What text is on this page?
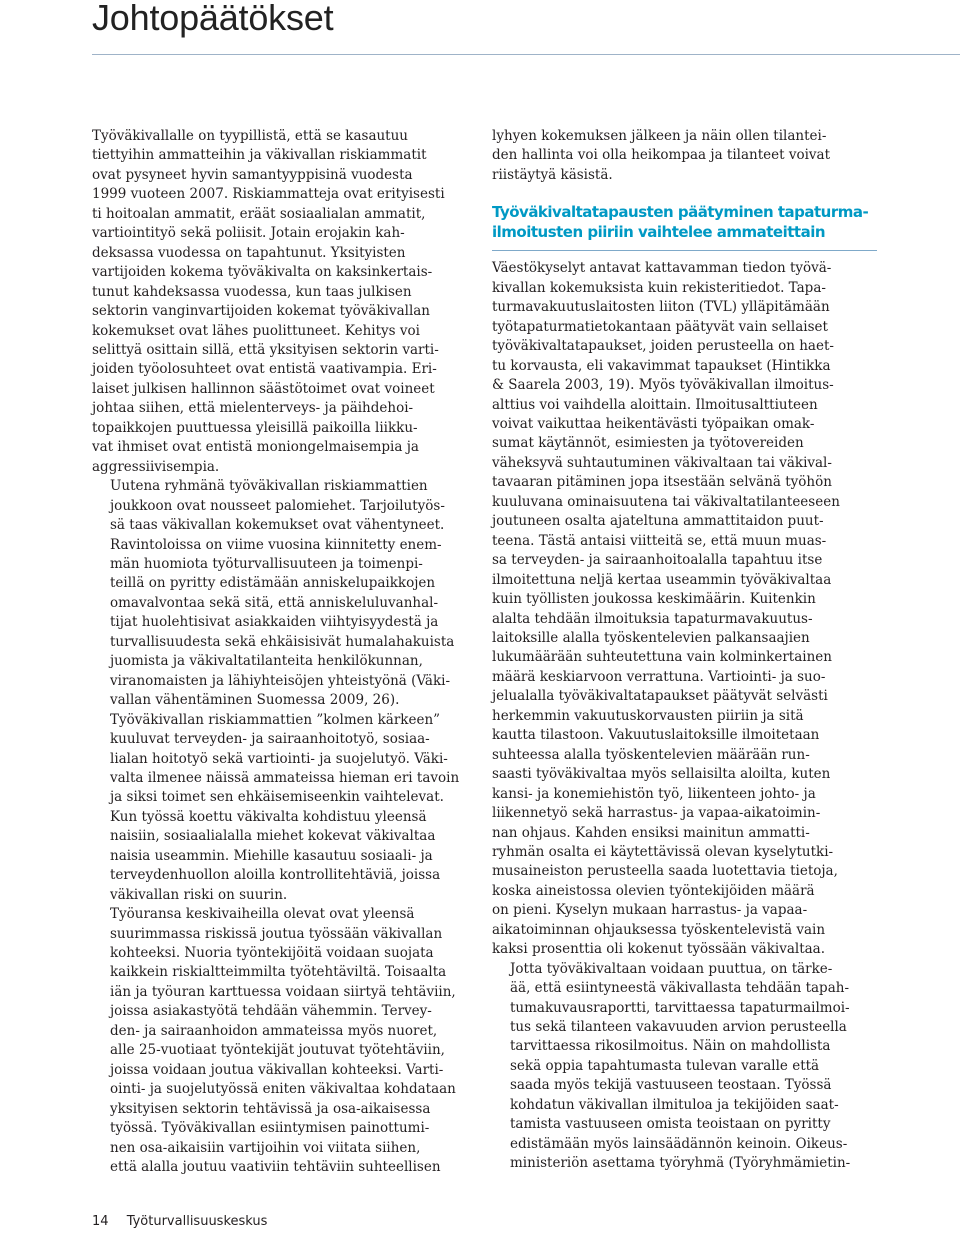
Johtopäätökset

Työväkivallalle on tyypillistä, että se kasautuu
tiettyihin ammatteihin ja väkivallan riskiammatit
ovat pysyneet hyvin samantyyppisinä vuodesta
1999 vuoteen 2007. Riskiammatteja ovat erityisesti
ti hoitoalan ammatit, eräät sosiaalialan ammatit,
vartiointityö sekä poliisit. Jotain erojakin kah-
deksassa vuodessa on tapahtunut. Yksityisten
vartijoiden kokema työväkivalta on kaksinkertais-
tunut kahdeksassa vuodessa, kun taas julkisen
sektorin vanginvartijoiden kokemat työväkivallan
kokemukset ovat lähes puolittuneet. Kehitys voi
selittyä osittain sillä, että yksityisen sektorin varti-
joiden työolosuhteet ovat entistä vaativampia. Eri-
laiset julkisen hallinnon säästötoimet ovat voineet
johtaa siihen, että mielenterveys- ja päihdehoi-
topaikkojen puuttuessa yleisillä paikoilla liikku-
vat ihmiset ovat entistä moniongelmaisempia ja
aggressiivisempia.

Uutena ryhmänä työväkivallan riskiammattien
joukkoon ovat nousseet palomiehet. Tarjoilutyös-
sä taas väkivallan kokemukset ovat vähentyneet.
Ravintoloissa on viime vuosina kiinnitetty enem-
män huomiota työturvallisuuteen ja toimenpi-
teillä on pyritty edistämään anniskelupaikkojen
omavalvontaa sekä sitä, että anniskeluluvanhal-
tijat huolehtisivat asiakkaiden viihtyisyydestä ja
turvallisuudesta sekä ehkäisisivät humalahakuista
juomista ja väkivaltatilanteita henkilökunnan,
viranomaisten ja lähiyhteisöjen yhteistyönä (Väki-
vallan vähentäminen Suomessa 2009, 26).

Työväkivallan riskiammattien ”kolmen kärkeen”
kuuluvat terveyden- ja sairaanhoitotyö, sosiaa-
lialan hoitotyö sekä vartiointi- ja suojelutyö. Väki-
valta ilmenee näissä ammateissa hieman eri tavoin
ja siksi toimet sen ehkäisemiseenkin vaihtelevat.
Kun työssä koettu väkivalta kohdistuu yleensä
naisiin, sosiaalialalla miehet kokevat väkivaltaa
naisia useammin. Miehille kasautuu sosiaali- ja
terveydenhuollon aloilla kontrollitehtäviä, joissa
väkivallan riski on suurin.

Työuransa keskivaiheilla olevat ovat yleensä
suurimmassa riskissä joutua työssään väkivallan
kohteeksi. Nuoria työntekijöitä voidaan suojata
kaikkein riskialtteimmilta työtehtäviltä. Toisaalta
iän ja työuran karttuessa voidaan siirtyä tehtäviin,
joissa asiakastyötä tehdään vähemmin. Tervey-
den- ja sairaanhoidon ammateissa myös nuoret,
alle 25-vuotiaat työntekijät joutuvat työtehtäviin,
joissa voidaan joutua väkivallan kohteeksi. Varti-
ointi- ja suojelutyössä eniten väkivaltaa kohdataan
yksityisen sektorin tehtävissä ja osa-aikaisessa
työssä. Työväkivallan esiintymisen painottumi-
nen osa-aikaisiin vartijoihin voi viitata siihen,
että alalla joutuu vaativiin tehtäviin suhteellisen

lyhyen kokemuksen jälkeen ja näin ollen tilantei-
den hallinta voi olla heikompaa ja tilanteet voivat
riistäytyä käsistä.

Työväkivaltatapausten päätyminen tapaturma-
ilmoitusten piiriin vaihtelee ammateittain

Väestökyselyt antavat kattavamman tiedon työvä-
kivallan kokemuksista kuin rekisteritiedot. Tapa-
turmavakuutuslaitosten liiton (TVL) ylläpitämään
työtapaturmatietokantaan päätyvät vain sellaiset
työväkivaltatapaukset, joiden perusteella on haet-
tu korvausta, eli vakavimmat tapaukset (Hintikka
& Saarela 2003, 19). Myös työväkivallan ilmoitus-
alttius voi vaihdella aloittain. Ilmoitusalttiuteen
voivat vaikuttaa heikentävästi työpaikan omak-
sumat käytännöt, esimiesten ja työtovereiden
väheksyvä suhtautuminen väkivaltaan tai väkival-
tavaaran pitäminen jopa itsestään selvänä työhön
kuuluvana ominaisuutena tai väkivaltatilanteeseen
joutuneen osalta ajateltuna ammattitaidon puut-
teena. Tästä antaisi viitteitä se, että muun muas-
sa terveyden- ja sairaanhoitoalalla tapahtuu itse
ilmoitettuna neljä kertaa useammin työväkivaltaa
kuin työllisten joukossa keskimäärin. Kuitenkin
alalta tehdään ilmoituksia tapaturmavakuutus-
laitoksille alalla työskentelevien palkansaajien
lukumäärään suhteutettuna vain kolminkertainen
määrä keskiarvoon verrattuna. Vartiointi- ja suo-
jelualalla työväkivaltatapaukset päätyvät selvästi
herkemmin vakuutuskorvausten piiriin ja sitä
kautta tilastoon. Vakuutuslaitoksille ilmoitetaan
suhteessa alalla työskentelevien määrään run-
saasti työväkivaltaa myös sellaisilta aloilta, kuten
kansi- ja konemiehistön työ, liikenteen johto- ja
liikennetyö sekä harrastus- ja vapaa-aikatoimin-
nan ohjaus. Kahden ensiksi mainitun ammatti-
ryhmän osalta ei käytettävissä olevan kyselytutki-
musaineiston perusteella saada luotettavia tietoja,
koska aineistossa olevien työntekijöiden määrä
on pieni. Kyselyn mukaan harrastus- ja vapaa-
aikatoiminnan ohjauksessa työskentelevistä vain
kaksi prosenttia oli kokenut työssään väkivaltaa.

Jotta työväkivaltaan voidaan puuttua, on tärke-
ää, että esiintyneestä väkivallasta tehdään tapah-
tumakuvausraportti, tarvittaessa tapaturmailmoi-
tus sekä tilanteen vakavuuden arvion perusteella
tarvittaessa rikosilmoitus. Näin on mahdollista
sekä oppia tapahtumasta tulevan varalle että
saada myös tekijä vastuuseen teostaan. Työssä
kohdatun väkivallan ilmituloa ja tekijöiden saat-
tamista vastuuseen omista teoistaan on pyritty
edistämään myös lainsäädännön keinoin. Oikeus-
ministeriön asettama työryhmä (Työryhmämietin-

14 Työturvallisuuskeskus
